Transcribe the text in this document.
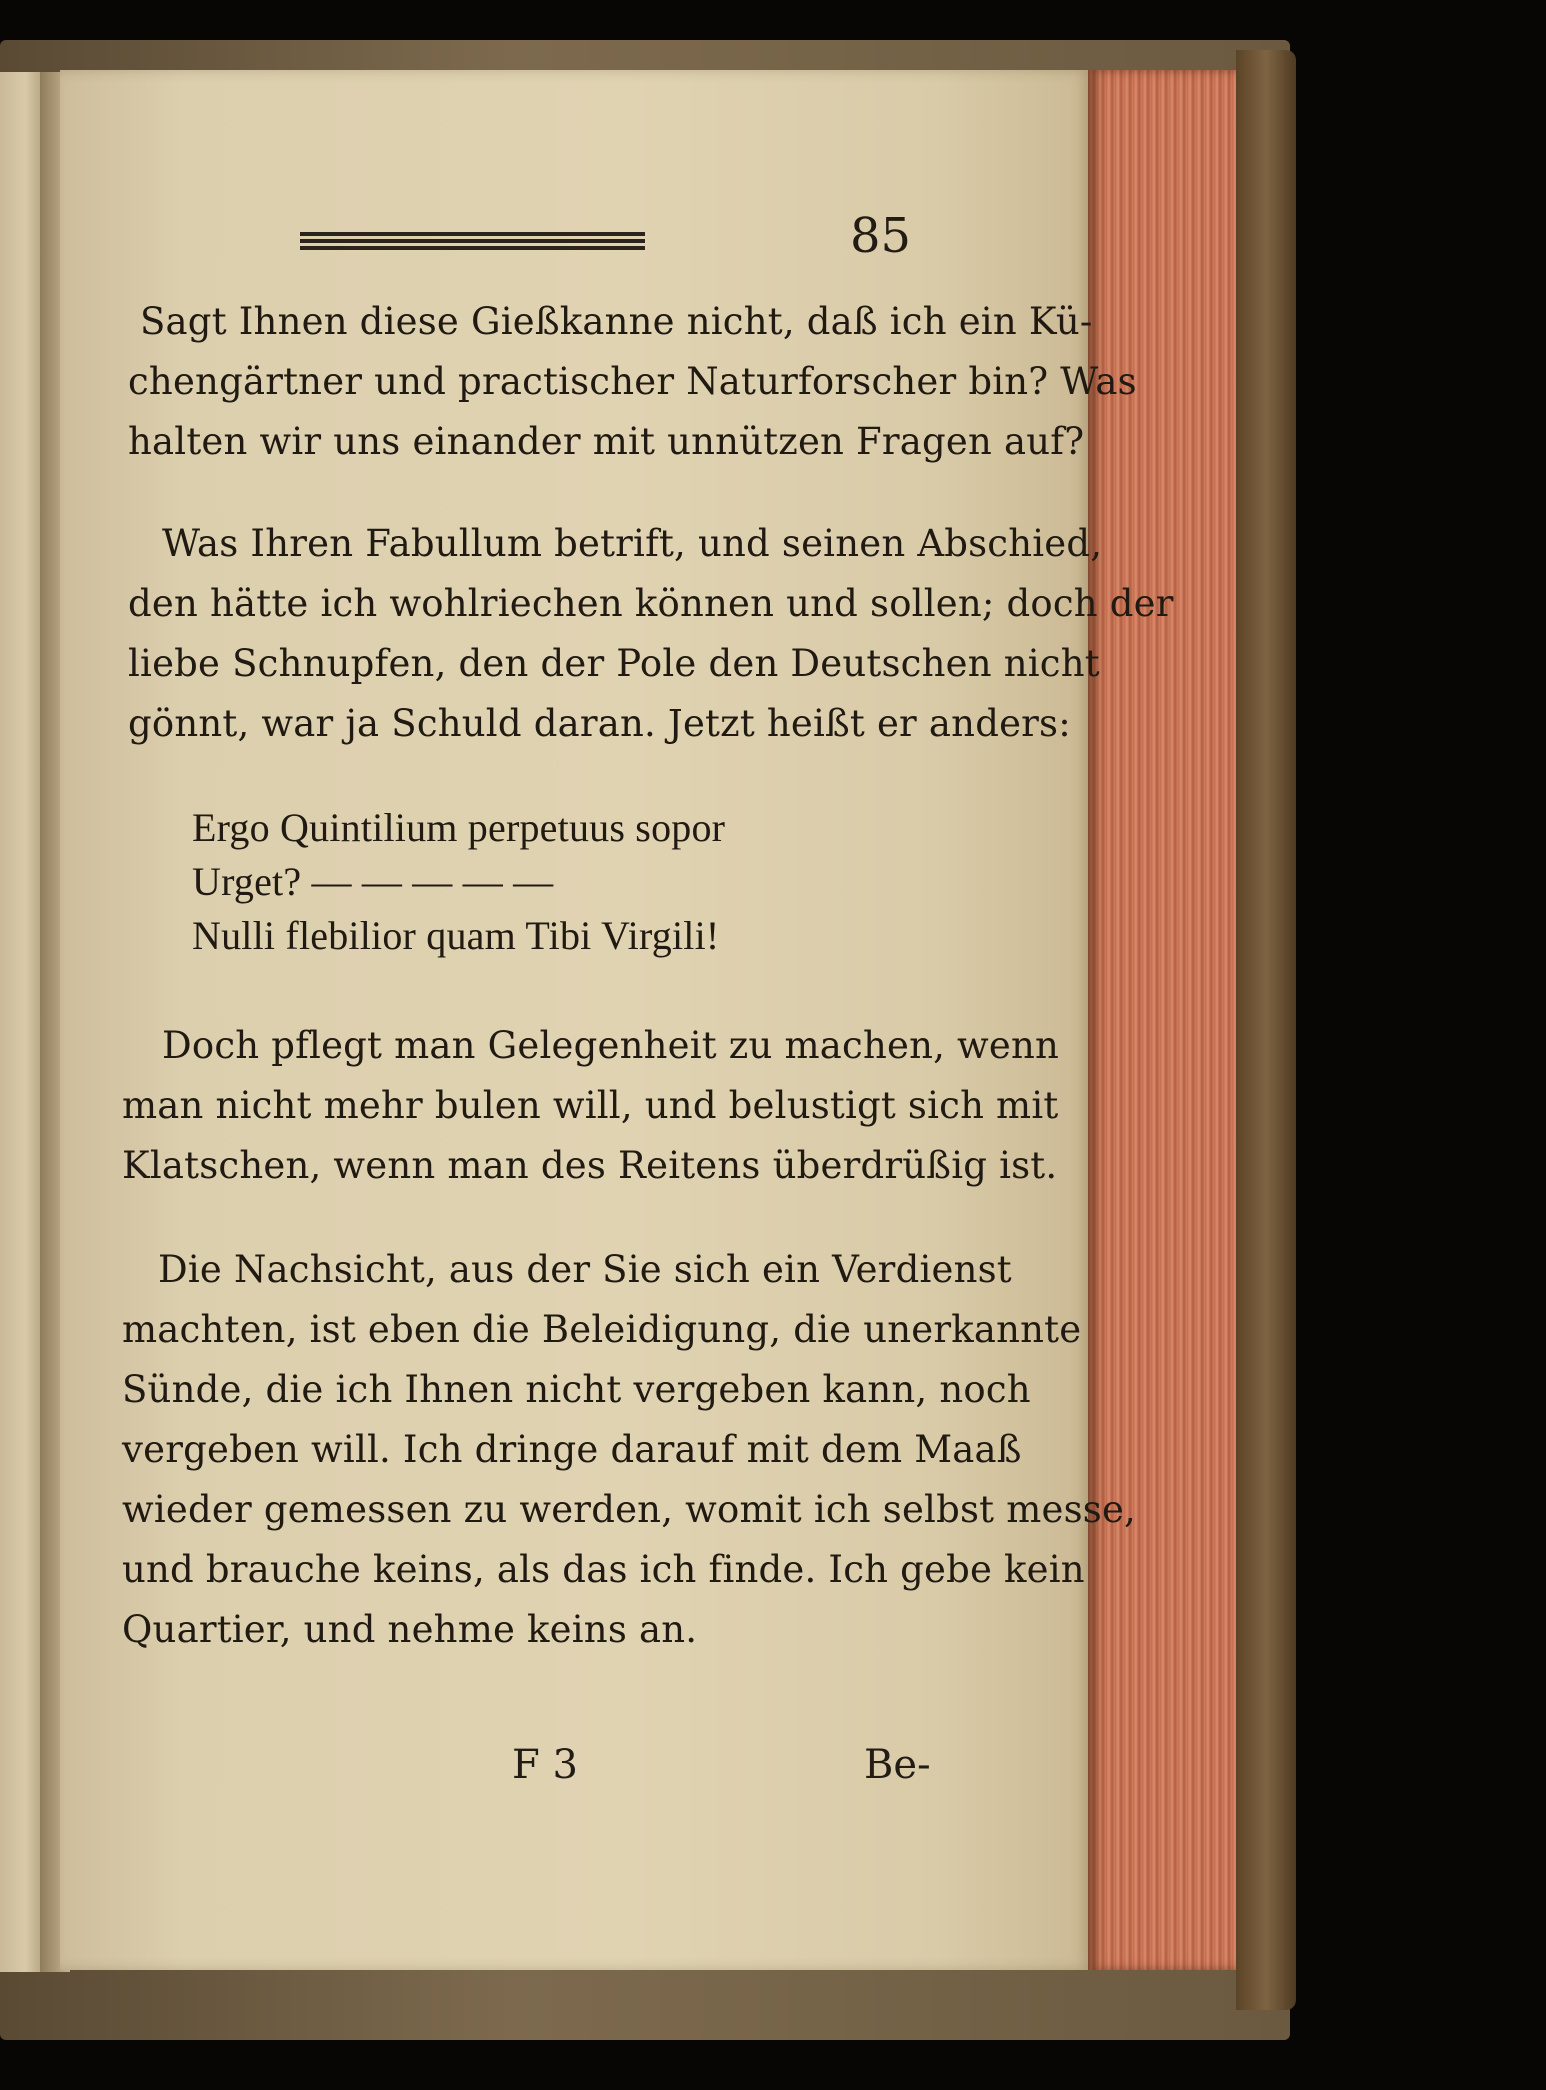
85
Sagt Ihnen diese Gießkanne nicht, daß ich ein Kü-
chengärtner und practischer Naturforscher bin? Was
halten wir uns einander mit unnützen Fragen auf?
Was Ihren Fabullum betrift, und seinen Abschied,
den hätte ich wohlriechen können und sollen; doch der
liebe Schnupfen, den der Pole den Deutschen nicht
gönnt, war ja Schuld daran. Jetzt heißt er anders:
Ergo Quintilium perpetuus sopor
Urget? — — — — —
Nulli flebilior quam Tibi Virgili!
Doch pflegt man Gelegenheit zu machen, wenn
man nicht mehr bulen will, und belustigt sich mit
Klatschen, wenn man des Reitens überdrüßig ist.
Die Nachsicht, aus der Sie sich ein Verdienst
machten, ist eben die Beleidigung, die unerkannte
Sünde, die ich Ihnen nicht vergeben kann, noch
vergeben will. Ich dringe darauf mit dem Maaß
wieder gemessen zu werden, womit ich selbst messe,
und brauche keins, als das ich finde. Ich gebe kein
Quartier, und nehme keins an.
F 3	Be-
